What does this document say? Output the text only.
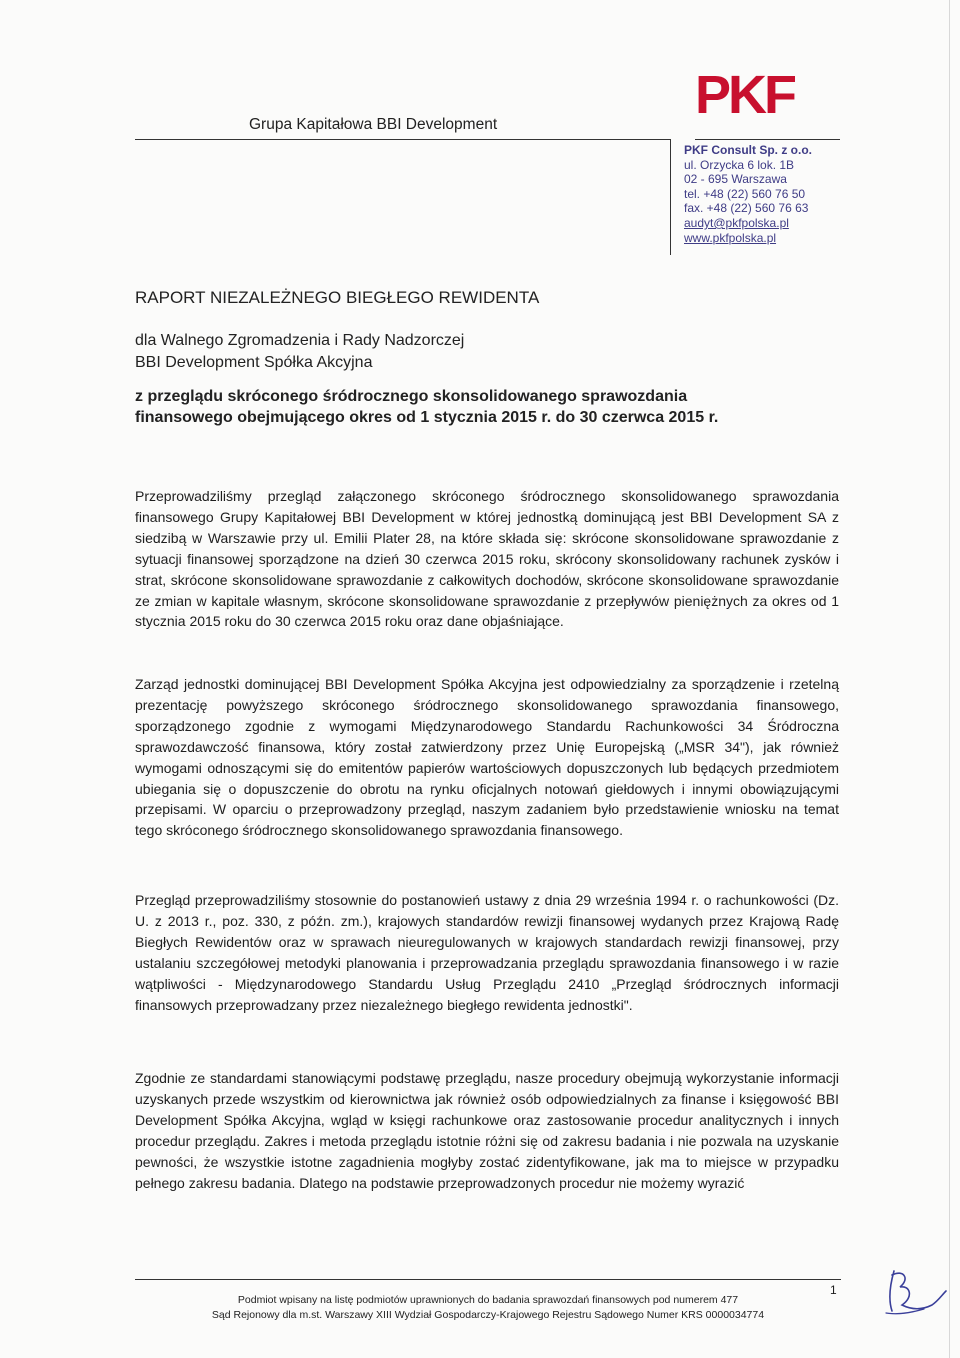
Grupa Kapitałowa BBI Development	PKF
PKF Consult Sp. z o.o.
ul. Orzycka 6 lok. 1B
02 - 695 Warszawa
tel. +48 (22) 560 76 50
fax. +48 (22) 560 76 63
audyt@pkfpolska.pl
www.pkfpolska.pl
RAPORT NIEZALEŻNEGO BIEGŁEGO REWIDENTA
dla Walnego Zgromadzenia i Rady Nadzorczej
BBI Development Spółka Akcyjna
z przeglądu skróconego śródrocznego skonsolidowanego sprawozdania
finansowego obejmującego okres od 1 stycznia 2015 r. do 30 czerwca 2015 r.

Przeprowadziliśmy przegląd załączonego skróconego śródrocznego skonsolidowanego sprawozdania finansowego Grupy Kapitałowej BBI Development w której jednostką dominującą jest BBI Development SA z siedzibą w Warszawie przy ul. Emilii Plater 28, na które składa się: skrócone skonsolidowane sprawozdanie z sytuacji finansowej sporządzone na dzień 30 czerwca 2015 roku, skrócony skonsolidowany rachunek zysków i strat, skrócone skonsolidowane sprawozdanie z całkowitych dochodów, skrócone skonsolidowane sprawozdanie ze zmian w kapitale własnym, skrócone skonsolidowane sprawozdanie z przepływów pieniężnych za okres od 1 stycznia 2015 roku do 30 czerwca 2015 roku oraz dane objaśniające.

Zarząd jednostki dominującej BBI Development Spółka Akcyjna jest odpowiedzialny za sporządzenie i rzetelną prezentację powyższego skróconego śródrocznego skonsolidowanego sprawozdania finansowego, sporządzonego zgodnie z wymogami Międzynarodowego Standardu Rachunkowości 34 Śródroczna sprawozdawczość finansowa, który został zatwierdzony przez Unię Europejską („MSR 34"), jak również wymogami odnoszącymi się do emitentów papierów wartościowych dopuszczonych lub będących przedmiotem ubiegania się o dopuszczenie do obrotu na rynku oficjalnych notowań giełdowych i innymi obowiązującymi przepisami. W oparciu o przeprowadzony przegląd, naszym zadaniem było przedstawienie wniosku na temat tego skróconego śródrocznego skonsolidowanego sprawozdania finansowego.

Przegląd przeprowadziliśmy stosownie do postanowień ustawy z dnia 29 września 1994 r. o rachunkowości (Dz. U. z 2013 r., poz. 330, z późn. zm.), krajowych standardów rewizji finansowej wydanych przez Krajową Radę Biegłych Rewidentów oraz w sprawach nieuregulowanych w krajowych standardach rewizji finansowej, przy ustalaniu szczegółowej metodyki planowania i przeprowadzania przeglądu sprawozdania finansowego i w razie wątpliwości - Międzynarodowego Standardu Usług Przeglądu 2410 „Przegląd śródrocznych informacji finansowych przeprowadzany przez niezależnego biegłego rewidenta jednostki".

Zgodnie ze standardami stanowiącymi podstawę przeglądu, nasze procedury obejmują wykorzystanie informacji uzyskanych przede wszystkim od kierownictwa jak również osób odpowiedzialnych za finanse i księgowość BBI Development Spółka Akcyjna, wgląd w księgi rachunkowe oraz zastosowanie procedur analitycznych i innych procedur przeglądu. Zakres i metoda przeglądu istotnie różni się od zakresu badania i nie pozwala na uzyskanie pewności, że wszystkie istotne zagadnienia mogłyby zostać zidentyfikowane, jak ma to miejsce w przypadku pełnego zakresu badania. Dlatego na podstawie przeprowadzonych procedur nie możemy wyrazić

1
Podmiot wpisany na listę podmiotów uprawnionych do badania sprawozdań finansowych pod numerem 477
Sąd Rejonowy dla m.st. Warszawy XIII Wydział Gospodarczy-Krajowego Rejestru Sądowego Numer KRS 0000034774
